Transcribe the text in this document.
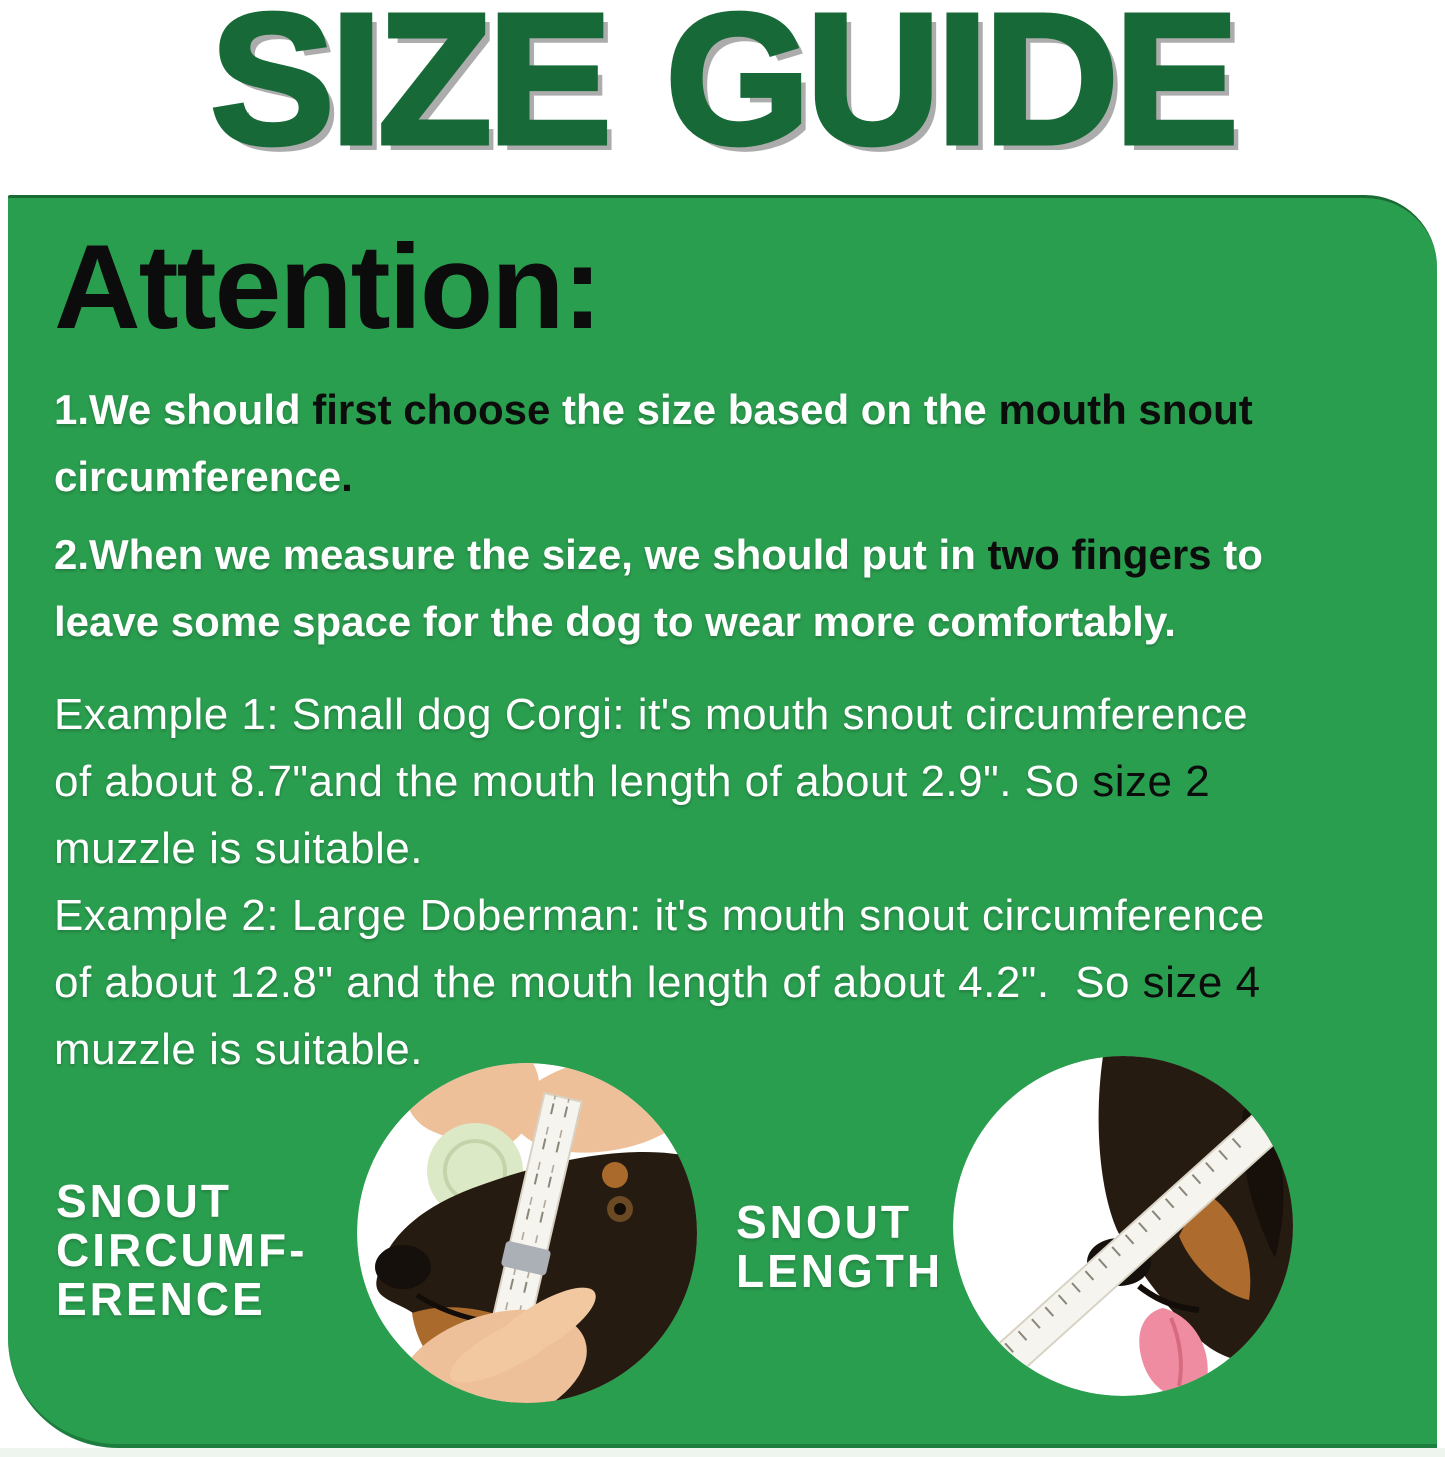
SIZE GUIDE
Attention:
1.We should first choose the size based on the mouth snout
circumference.
2.When we measure the size, we should put in two fingers to
leave some space for the dog to wear more comfortably.
Example 1: Small dog Corgi: it's mouth snout circumference
of about 8.7"and the mouth length of about 2.9". So size 2
muzzle is suitable.
Example 2: Large Doberman: it's mouth snout circumference
of about 12.8" and the mouth length of about 4.2".  So size 4
muzzle is suitable.
SNOUT
CIRCUMF-
ERENCE
SNOUT
LENGTH
